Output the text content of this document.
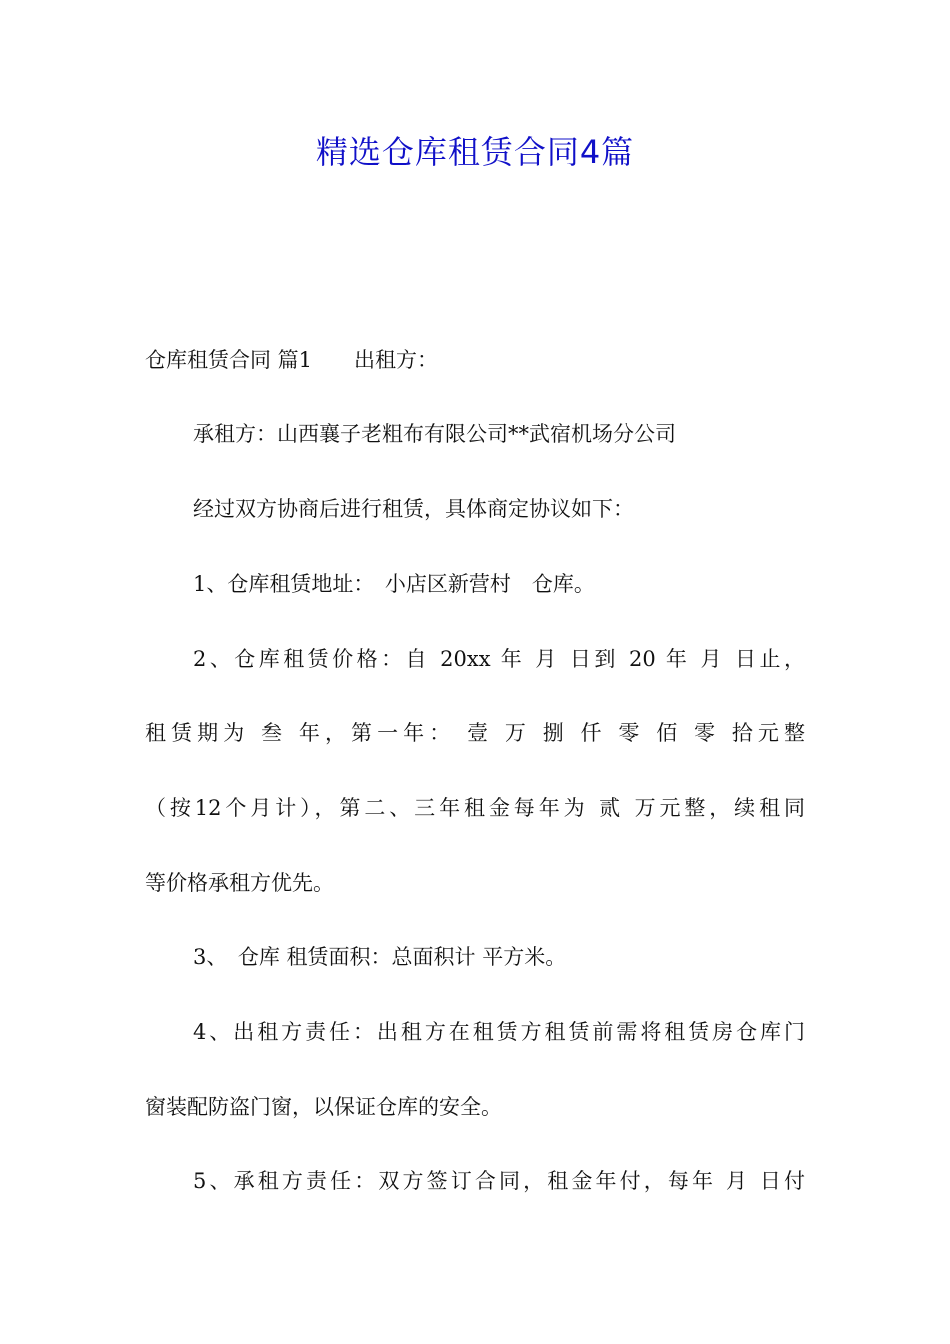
精选仓库租赁合同4篇
仓库租赁合同 篇1　　出租方：
承租方：山西襄子老粗布有限公司**武宿机场分公司
经过双方协商后进行租赁，具体商定协议如下：
1、仓库租赁地址：　小店区新营村　仓库。
2、仓库租赁价格：自 20xx 年 月 日到 20 年 月 日止，
租赁期为 叁 年，第一年： 壹 万 捌 仟 零 佰 零 拾元整
（按12个月计），第二、三年租金每年为 贰 万元整，续租同
等价格承租方优先。
3、　仓库 租赁面积：总面积计 平方米。
4、出租方责任：出租方在租赁方租赁前需将租赁房仓库门
窗装配防盗门窗，以保证仓库的安全。
5、承租方责任：双方签订合同，租金年付，每年 月 日付
